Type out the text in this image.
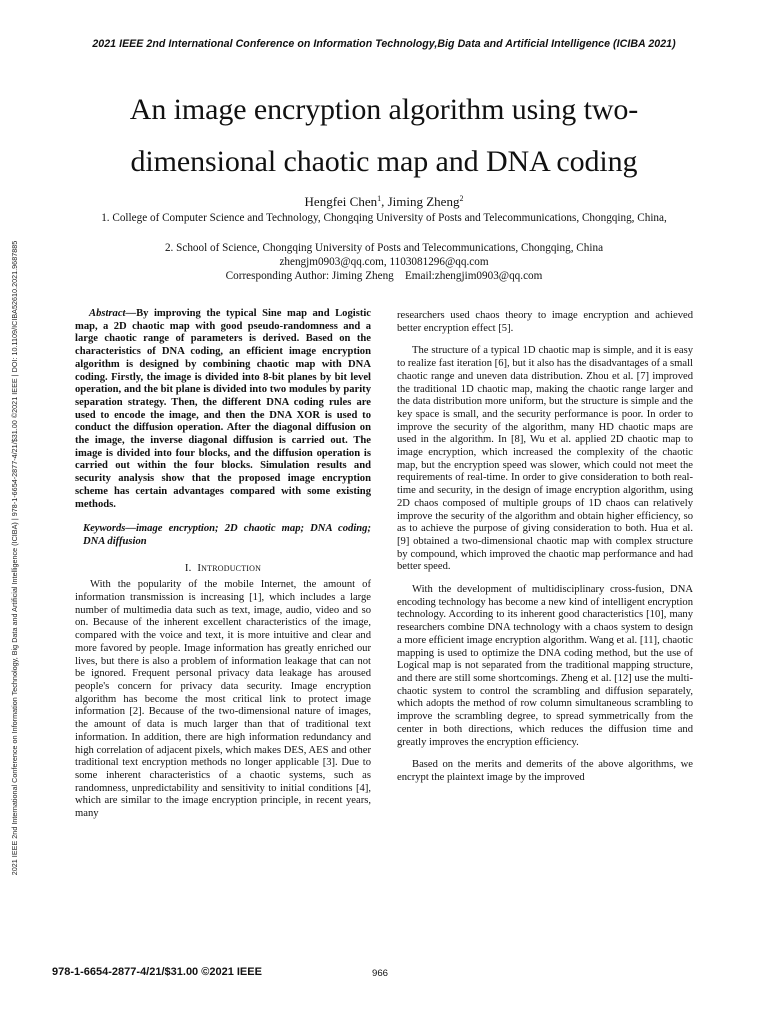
2021 IEEE 2nd International Conference on Information Technology,Big Data and Artificial Intelligence (ICIBA 2021)
2021 IEEE 2nd International Conference on Information Technology, Big Data and Artificial Intelligence (ICIBA) | 978-1-6654-2877-4/21/$31.00 ©2021 IEEE | DOI: 10.1109/ICIBA52610.2021.9687885
An image encryption algorithm using two-
dimensional chaotic map and DNA coding
Hengfei Chen$^1$, Jiming Zheng$^2$
1. College of Computer Science and Technology, Chongqing University of Posts and Telecommunications, Chongqing, China,
2. School of Science, Chongqing University of Posts and Telecommunications, Chongqing, China
zhengjm0903@qq.com, 1103081296@qq.com
Corresponding Author: Jiming Zheng    Email:zhengjim0903@qq.com

Abstract—By improving the typical Sine map and Logistic map, a 2D chaotic map with good pseudo-randomness and a large chaotic range of parameters is derived. Based on the characteristics of DNA coding, an efficient image encryption algorithm is designed by combining chaotic map with DNA coding. Firstly, the image is divided into 8-bit planes by bit level operation, and the bit plane is divided into two modules by parity separation strategy. Then, the different DNA coding rules are used to encode the image, and then the DNA XOR is used to conduct the diffusion operation. After the diagonal diffusion on the image, the inverse diagonal diffusion is carried out. The image is divided into four blocks, and the diffusion operation is carried out within the four blocks. Simulation results and security analysis show that the proposed image encryption scheme has certain advantages compared with some existing methods.

Keywords—image encryption; 2D chaotic map; DNA coding; DNA diffusion

I. Introduction

With the popularity of the mobile Internet, the amount of information transmission is increasing [1], which includes a large number of multimedia data such as text, image, audio, video and so on. Because of the inherent excellent characteristics of the image, compared with the voice and text, it is more intuitive and clear and more favored by people. Image information has greatly enriched our lives, but there is also a problem of information leakage that can not be ignored. Frequent personal privacy data leakage has aroused people's concern for privacy data security. Image encryption algorithm has become the most critical link to protect image information [2]. Because of the two-dimensional nature of images, the amount of data is much larger than that of traditional text information. In addition, there are high information redundancy and high correlation of adjacent pixels, which makes DES, AES and other traditional text encryption methods no longer applicable [3]. Due to some inherent characteristics of a chaotic systems, such as randomness, unpredictability and sensitivity to initial conditions [4], which are similar to the image encryption principle, in recent years, many

researchers used chaos theory to image encryption and achieved better encryption effect [5].

The structure of a typical 1D chaotic map is simple, and it is easy to realize fast iteration [6], but it also has the disadvantages of a small chaotic range and uneven data distribution. Zhou et al. [7] improved the traditional 1D chaotic map, making the chaotic range larger and the data distribution more uniform, but the structure is simple and the key space is small, and the security performance is poor. In order to improve the security of the algorithm, many HD chaotic maps are used in the algorithm. In [8], Wu et al. applied 2D chaotic map to image encryption, which increased the complexity of the chaotic map, but the encryption speed was slower, which could not meet the requirements of real-time. In order to give consideration to both real-time and security, in the design of image encryption algorithm, using 2D chaos composed of multiple groups of 1D chaos can relatively improve the security of the algorithm and obtain higher efficiency, so as to achieve the purpose of giving consideration to both. Hua et al. [9] obtained a two-dimensional chaotic map with complex structure by compound, which improved the chaotic map performance and had better speed.

With the development of multidisciplinary cross-fusion, DNA encoding technology has become a new kind of intelligent encryption technology. According to its inherent good characteristics [10], many researchers combine DNA technology with a chaos system to design a more efficient image encryption algorithm. Wang et al. [11], chaotic mapping is used to optimize the DNA coding method, but the use of Logical map is not separated from the traditional mapping structure, and there are still some shortcomings. Zheng et al. [12] use the multi-chaotic system to control the scrambling and diffusion separately, which adopts the method of row column simultaneous scrambling to improve the scrambling degree, to spread symmetrically from the center in both directions, which reduces the diffusion time and greatly improves the encryption efficiency.

Based on the merits and demerits of the above algorithms, we encrypt the plaintext image by the improved

978-1-6654-2877-4/21/$31.00 ©2021 IEEE	966
